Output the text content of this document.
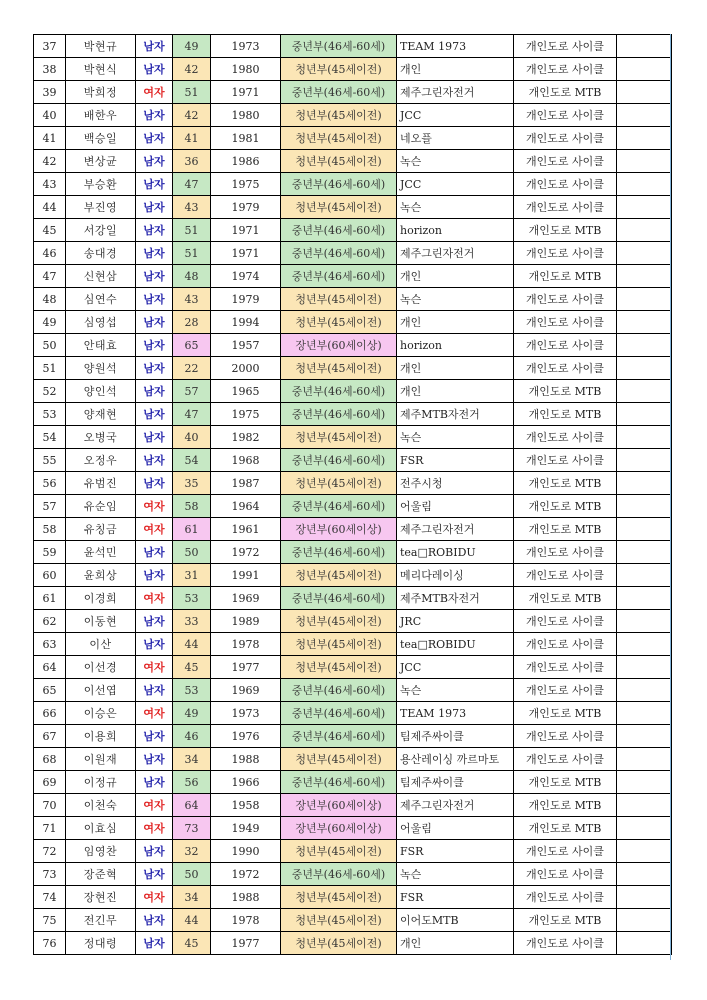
37	박현규	남자	49	1973	중년부(46세-60세)	TEAM 1973	개인도로 사이클	
38	박현식	남자	42	1980	청년부(45세이전)	개인	개인도로 사이클	
39	박희정	여자	51	1971	중년부(46세-60세)	제주그린자전거	개인도로 MTB	
40	배한우	남자	42	1980	청년부(45세이전)	JCC	개인도로 사이클	
41	백승일	남자	41	1981	청년부(45세이전)	네오플	개인도로 사이클	
42	변상균	남자	36	1986	청년부(45세이전)	녹슨	개인도로 사이클	
43	부승환	남자	47	1975	중년부(46세-60세)	JCC	개인도로 사이클	
44	부진영	남자	43	1979	청년부(45세이전)	녹슨	개인도로 사이클	
45	서강일	남자	51	1971	중년부(46세-60세)	horizon	개인도로 MTB	
46	송대경	남자	51	1971	중년부(46세-60세)	제주그린자전거	개인도로 사이클	
47	신현삼	남자	48	1974	중년부(46세-60세)	개인	개인도로 MTB	
48	심연수	남자	43	1979	청년부(45세이전)	녹슨	개인도로 사이클	
49	심영섭	남자	28	1994	청년부(45세이전)	개인	개인도로 사이클	
50	안태효	남자	65	1957	장년부(60세이상)	horizon	개인도로 사이클	
51	양원석	남자	22	2000	청년부(45세이전)	개인	개인도로 사이클	
52	양인석	남자	57	1965	중년부(46세-60세)	개인	개인도로 MTB	
53	양재현	남자	47	1975	중년부(46세-60세)	제주MTB자전거	개인도로 MTB	
54	오병국	남자	40	1982	청년부(45세이전)	녹슨	개인도로 사이클	
55	오정우	남자	54	1968	중년부(46세-60세)	FSR	개인도로 사이클	
56	유범진	남자	35	1987	청년부(45세이전)	전주시청	개인도로 MTB	
57	유순임	여자	58	1964	중년부(46세-60세)	어울림	개인도로 MTB	
58	유칭금	여자	61	1961	장년부(60세이상)	제주그린자전거	개인도로 MTB	
59	윤석민	남자	50	1972	중년부(46세-60세)	tea□ROBIDU	개인도로 사이클	
60	윤희상	남자	31	1991	청년부(45세이전)	메리다레이싱	개인도로 사이클	
61	이경희	여자	53	1969	중년부(46세-60세)	제주MTB자전거	개인도로 MTB	
62	이동현	남자	33	1989	청년부(45세이전)	JRC	개인도로 사이클	
63	이산	남자	44	1978	청년부(45세이전)	tea□ROBIDU	개인도로 사이클	
64	이선경	여자	45	1977	청년부(45세이전)	JCC	개인도로 사이클	
65	이선엽	남자	53	1969	중년부(46세-60세)	녹슨	개인도로 사이클	
66	이승은	여자	49	1973	중년부(46세-60세)	TEAM 1973	개인도로 MTB	
67	이용희	남자	46	1976	중년부(46세-60세)	팀제주싸이클	개인도로 사이클	
68	이원재	남자	34	1988	청년부(45세이전)	용산레이싱 까르마토	개인도로 사이클	
69	이정규	남자	56	1966	중년부(46세-60세)	팀제주싸이클	개인도로 MTB	
70	이천숙	여자	64	1958	장년부(60세이상)	제주그린자전거	개인도로 MTB	
71	이효심	여자	73	1949	장년부(60세이상)	어울림	개인도로 MTB	
72	임영찬	남자	32	1990	청년부(45세이전)	FSR	개인도로 사이클	
73	장준혁	남자	50	1972	중년부(46세-60세)	녹슨	개인도로 사이클	
74	장현진	여자	34	1988	청년부(45세이전)	FSR	개인도로 사이클	
75	전긴무	남자	44	1978	청년부(45세이전)	이어도MTB	개인도로 MTB	
76	정대령	남자	45	1977	청년부(45세이전)	개인	개인도로 사이클	
